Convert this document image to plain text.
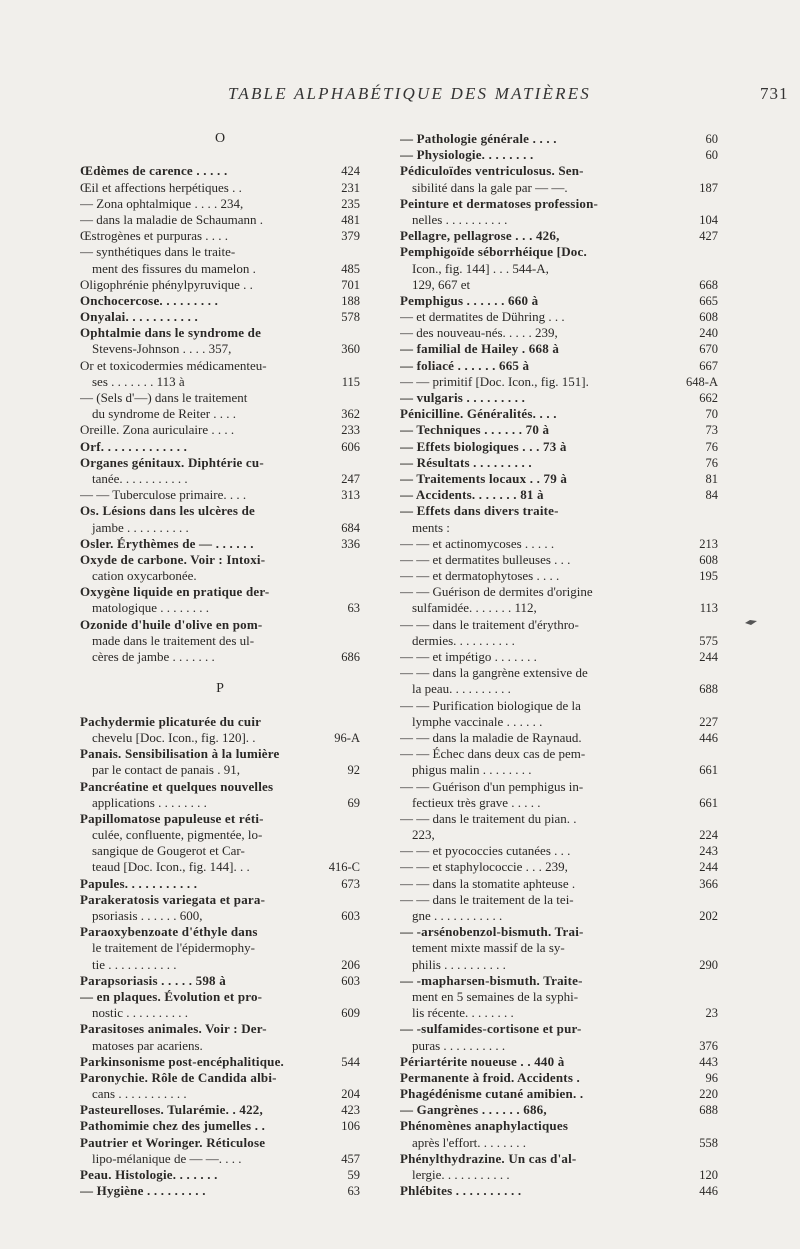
TABLE ALPHABÉTIQUE DES MATIÈRES	731
O
Œdèmes de carence . . . . .	424
Œil et affections herpétiques . .	231
— Zona ophtalmique . . . . 234,	235
— dans la maladie de Schaumann .	481
Œstrogènes et purpuras . . . .	379
— synthétiques dans le traite-
ment des fissures du mamelon .	485
Oligophrénie phénylpyruvique . .	701
Onchocercose. . . . . . . . .	188
Onyalai. . . . . . . . . . .	578
Ophtalmie dans le syndrome de
Stevens-Johnson . . . . 357,	360
Or et toxicodermies médicamenteu-
ses . . . . . . . 113 à	115
— (Sels d'—) dans le traitement
du syndrome de Reiter . . . .	362
Oreille. Zona auriculaire . . . .	233
Orf. . . . . . . . . . . . .	606
Organes génitaux. Diphtérie cu-
tanée. . . . . . . . . . .	247
— — Tuberculose primaire. . . .	313
Os. Lésions dans les ulcères de
jambe . . . . . . . . . .	684
Osler. Érythèmes de — . . . . . .	336
Oxyde de carbone. Voir : Intoxi-
cation oxycarbonée.
Oxygène liquide en pratique der-
matologique . . . . . . . .	63
Ozonide d'huile d'olive en pom-
made dans le traitement des ul-
cères de jambe . . . . . . .	686
P
Pachydermie plicaturée du cuir
chevelu [Doc. Icon., fig. 120]. .	96-A
Panais. Sensibilisation à la lumière
par le contact de panais . 91,	92
Pancréatine et quelques nouvelles
applications . . . . . . . .	69
Papillomatose papuleuse et réti-
culée, confluente, pigmentée, lo-
sangique de Gougerot et Car-
teaud [Doc. Icon., fig. 144]. . .	416-C
Papules. . . . . . . . . . .	673
Parakeratosis variegata et para-
psoriasis . . . . . . 600,	603
Paraoxybenzoate d'éthyle dans
le traitement de l'épidermophy-
tie . . . . . . . . . . .	206
Parapsoriasis . . . . . 598 à	603
— en plaques. Évolution et pro-
nostic . . . . . . . . . .	609
Parasitoses animales. Voir : Der-
matoses par acariens.
Parkinsonisme post-encéphalitique.	544
Paronychie. Rôle de Candida albi-
cans . . . . . . . . . . .	204
Pasteurelloses. Tularémie. . 422,	423
Pathomimie chez des jumelles . .	106
Pautrier et Woringer. Réticulose
lipo-mélanique de — —. . . .	457
Peau. Histologie. . . . . . .	59
— Hygiène . . . . . . . . .	63
— Pathologie générale . . . .	60
— Physiologie. . . . . . . .	60
Pédiculoïdes ventriculosus. Sen-
sibilité dans la gale par — —.	187
Peinture et dermatoses profession-
nelles . . . . . . . . . .	104
Pellagre, pellagrose . . . 426,	427
Pemphigoïde séborrhéique [Doc.
Icon., fig. 144] . . . 544-A,
129, 667 et	668
Pemphigus . . . . . . 660 à	665
— et dermatites de Dühring . . .	608
— des nouveau-nés. . . . . 239,	240
— familial de Hailey . 668 à	670
— foliacé . . . . . . 665 à	667
— — primitif [Doc. Icon., fig. 151].	648-A
— vulgaris . . . . . . . . .	662
Pénicilline. Généralités. . . .	70
— Techniques . . . . . . 70 à	73
— Effets biologiques . . . 73 à	76
— Résultats . . . . . . . . .	76
— Traitements locaux . . 79 à	81
— Accidents. . . . . . . 81 à	84
— Effets dans divers traite-
ments :
— — et actinomycoses . . . . .	213
— — et dermatites bulleuses . . .	608
— — et dermatophytoses . . . .	195
— — Guérison de dermites d'origine
sulfamidée. . . . . . . 112,	113
— — dans le traitement d'érythro-
dermies. . . . . . . . . .	575
— — et impétigo . . . . . . .	244
— — dans la gangrène extensive de
la peau. . . . . . . . . .	688
— — Purification biologique de la
lymphe vaccinale . . . . . .	227
— — dans la maladie de Raynaud.	446
— — Échec dans deux cas de pem-
phigus malin . . . . . . . .	661
— — Guérison d'un pemphigus in-
fectieux très grave . . . . .	661
— — dans le traitement du pian. .
223,	224
— — et pyococcies cutanées . . .	243
— — et staphylococcie . . . 239,	244
— — dans la stomatite aphteuse .	366
— — dans le traitement de la tei-
gne . . . . . . . . . . .	202
— -arsénobenzol-bismuth. Trai-
tement mixte massif de la sy-
philis . . . . . . . . . .	290
— -mapharsen-bismuth. Traite-
ment en 5 semaines de la syphi-
lis récente. . . . . . . .	23
— -sulfamides-cortisone et pur-
puras . . . . . . . . . .	376
Périartérite noueuse . . 440 à	443
Permanente à froid. Accidents .	96
Phagédénisme cutané amibien. .	220
— Gangrènes . . . . . . 686,	688
Phénomènes anaphylactiques
après l'effort. . . . . . . .	558
Phénylthydrazine. Un cas d'al-
lergie. . . . . . . . . . .	120
Phlébites . . . . . . . . . .	446
